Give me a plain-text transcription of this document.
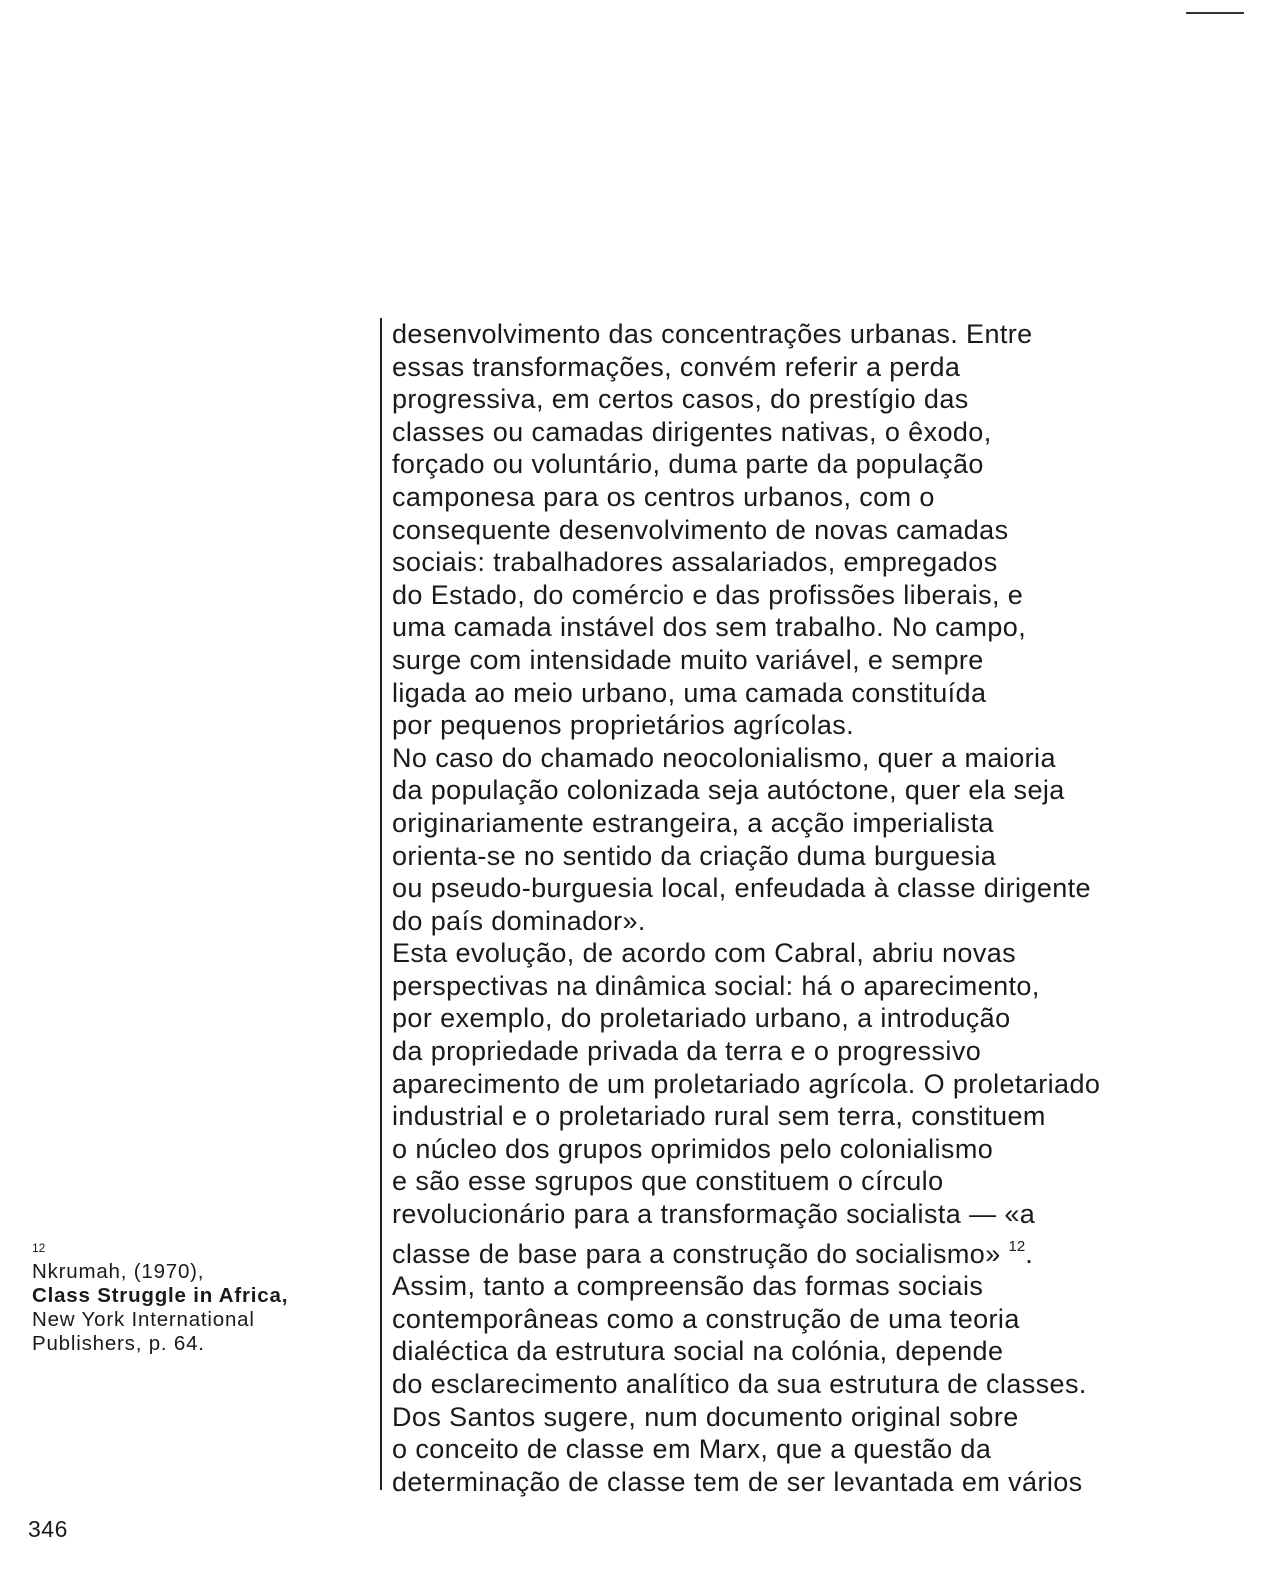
desenvolvimento das concentrações urbanas. Entre
essas transformações, convém referir a perda
progressiva, em certos casos, do prestígio das
classes ou camadas dirigentes nativas, o êxodo,
forçado ou voluntário, duma parte da população
camponesa para os centros urbanos, com o
consequente desenvolvimento de novas camadas
sociais: trabalhadores assalariados, empregados
do Estado, do comércio e das profissões liberais, e
uma camada instável dos sem trabalho. No campo,
surge com intensidade muito variável, e sempre
ligada ao meio urbano, uma camada constituída
por pequenos proprietários agrícolas.
No caso do chamado neocolonialismo, quer a maioria
da população colonizada seja autóctone, quer ela seja
originariamente estrangeira, a acção imperialista
orienta-se no sentido da criação duma burguesia
ou pseudo-burguesia local, enfeudada à classe dirigente
do país dominador».
Esta evolução, de acordo com Cabral, abriu novas
perspectivas na dinâmica social: há o aparecimento,
por exemplo, do proletariado urbano, a introdução
da propriedade privada da terra e o progressivo
aparecimento de um proletariado agrícola. O proletariado
industrial e o proletariado rural sem terra, constituem
o núcleo dos grupos oprimidos pelo colonialismo
e são esse sgrupos que constituem o círculo
revolucionário para a transformação socialista — «a
classe de base para a construção do socialismo» $^{12}$.
Assim, tanto a compreensão das formas sociais
contemporâneas como a construção de uma teoria
dialéctica da estrutura social na colónia, depende
do esclarecimento analítico da sua estrutura de classes.
Dos Santos sugere, num documento original sobre
o conceito de classe em Marx, que a questão da
determinação de classe tem de ser levantada em vários
12
Nkrumah, (1970),
Class Struggle in Africa,
New York International
Publishers, p. 64.
346
